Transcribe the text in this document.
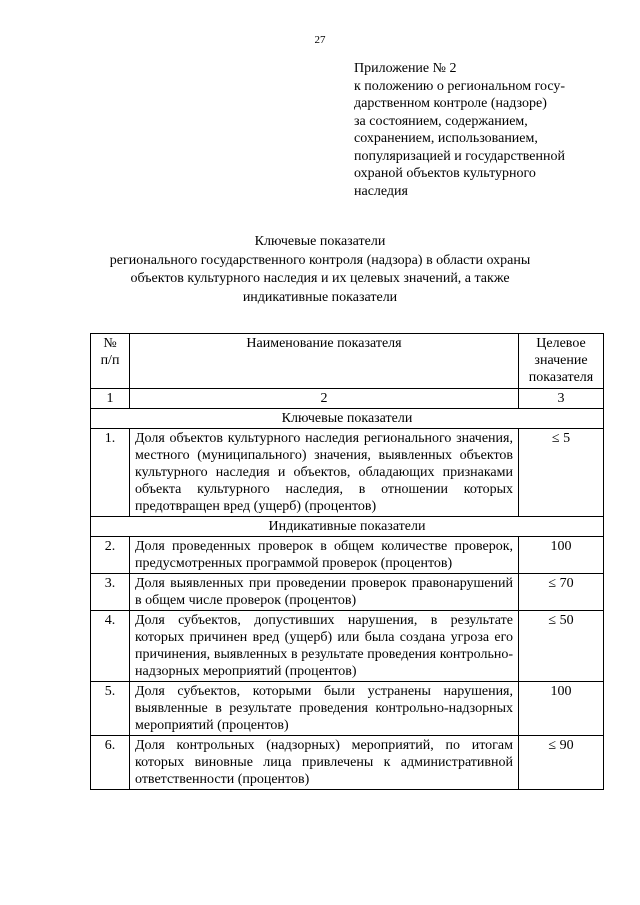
27
Приложение № 2
к положению о региональном госу-
дарственном контроле (надзоре)
за состоянием, содержанием,
сохранением, использованием,
популяризацией и государственной
охраной объектов культурного
наследия
Ключевые показатели
регионального государственного контроля (надзора) в области охраны
объектов культурного наследия и их целевых значений, а также
индикативные показатели
№ п/п	Наименование показателя	Целевое значение показателя
1	2	3
Ключевые показатели		
1.	Доля объектов культурного наследия регионального значения, местного (муниципального) значения, выявленных объектов культурного наследия и объектов, обладающих признаками объекта культурного наследия, в отношении которых предотвращен вред (ущерб) (процентов)	≤ 5
Индикативные показатели		
2.	Доля проведенных проверок в общем количестве проверок, предусмотренных программой проверок (процентов)	100
3.	Доля выявленных при проведении проверок правонарушений в общем числе проверок (процентов)	≤ 70
4.	Доля субъектов, допустивших нарушения, в результате которых причинен вред (ущерб) или была создана угроза его причинения, выявленных в результате проведения контрольно-надзорных мероприятий (процентов)	≤ 50
5.	Доля субъектов, которыми были устранены нарушения, выявленные в результате проведения контрольно-надзорных мероприятий (процентов)	100
6.	Доля контрольных (надзорных) мероприятий, по итогам которых виновные лица привлечены к административной ответственности (процентов)	≤ 90
